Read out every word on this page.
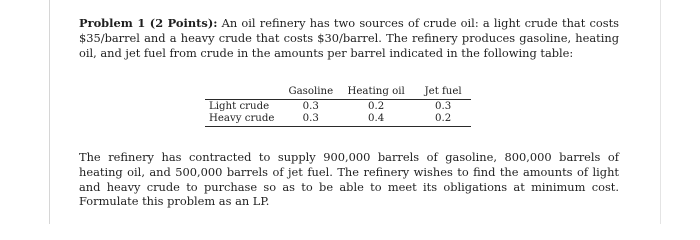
Problem 1 (2 Points): An oil refinery has two sources of crude oil: a light crude that costs $35/barrel and a heavy crude that costs $30/barrel. The refinery produces gasoline, heating oil, and jet fuel from crude in the amounts per barrel indicated in the following table:

	Gasoline	Heating oil	Jet fuel
Light crude	0.3	0.2	0.3
Heavy crude	0.3	0.4	0.2

The refinery has contracted to supply 900,000 barrels of gasoline, 800,000 barrels of heating oil, and 500,000 barrels of jet fuel. The refinery wishes to find the amounts of light and heavy crude to purchase so as to be able to meet its obligations at minimum cost. Formulate this problem as an LP.
